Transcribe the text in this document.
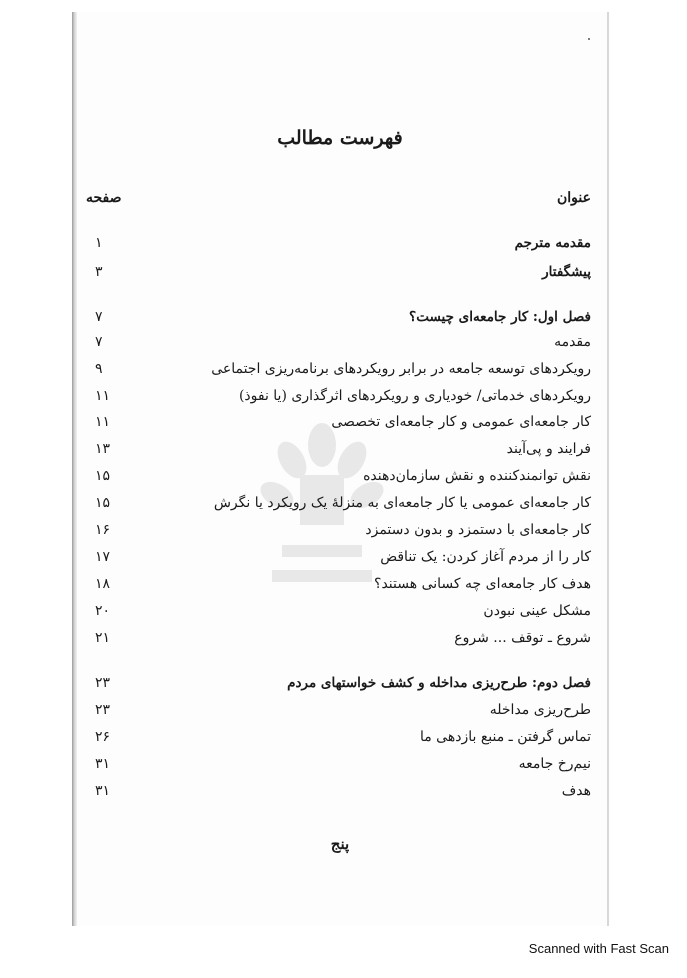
فهرست مطالب
عنوان
صفحه
مقدمه مترجم
۱
پیشگفتار
۳
فصل اول: کار جامعه‌ای چیست؟
۷
مقدمه
۷
رویکردهای توسعه جامعه در برابر رویکردهای برنامه‌ریزی اجتماعی
۹
رویکردهای خدماتی/ خودیاری و رویکردهای اثرگذاری (یا نفوذ)
۱۱
کار جامعه‌ای عمومی و کار جامعه‌ای تخصصی
۱۱
فرایند و پی‌آیند
۱۳
نقش توانمندکننده و نقش سازمان‌دهنده
۱۵
کار جامعه‌ای عمومی یا کار جامعه‌ای به منزلهٔ یک رویکرد یا نگرش
۱۵
کار جامعه‌ای با دستمزد و بدون دستمزد
۱۶
کار را از مردم آغاز کردن: یک تناقض
۱۷
هدف کار جامعه‌ای چه کسانی هستند؟
۱۸
مشکل عینی نبودن
۲۰
شروع ـ توقف ... شروع
۲۱
فصل دوم: طرح‌ریزی مداخله و کشف خواستهای مردم
۲۳
طرح‌ریزی مداخله
۲۳
تماس گرفتن ـ منبع بازدهی ما
۲۶
نیم‌رخ جامعه
۳۱
هدف
۳۱
پنج
Scanned with Fast Scan
